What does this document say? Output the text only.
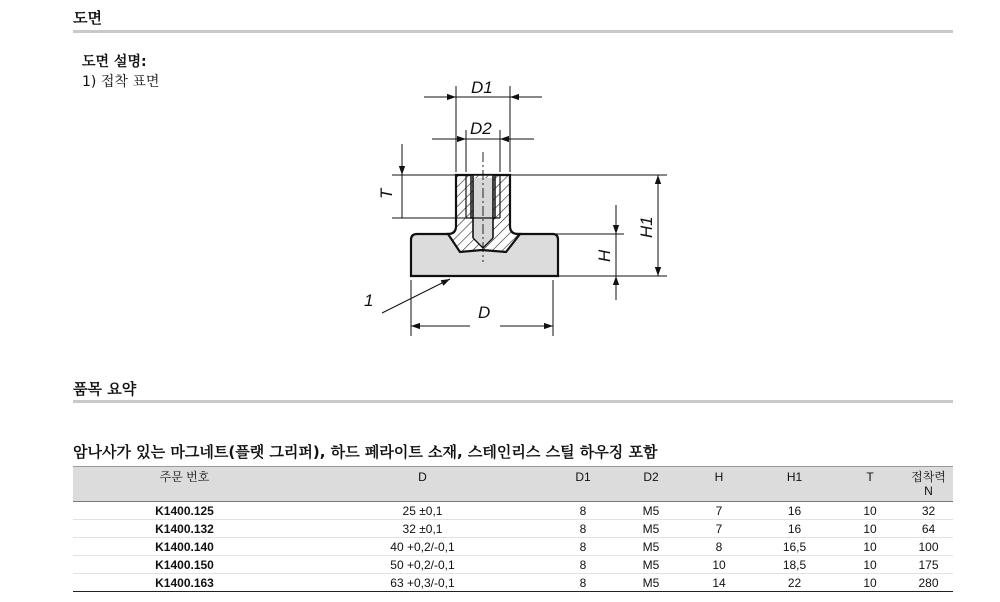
도면
도면 설명:
1) 접착 표면	D1
D2
T
H1
H
D
1
품목 요약
암나사가 있는 마그네트(플랫 그리퍼), 하드 페라이트 소재, 스테인리스 스틸 하우징 포함
주문 번호	D	D1	D2	H	H1	T	접착력
N
K1400.125	25 ±0,1	8	M5	7	16	10	32
K1400.132	32 ±0,1	8	M5	7	16	10	64
K1400.140	40 +0,2/-0,1	8	M5	8	16,5	10	100
K1400.150	50 +0,2/-0,1	8	M5	10	18,5	10	175
K1400.163	63 +0,3/-0,1	8	M5	14	22	10	280
